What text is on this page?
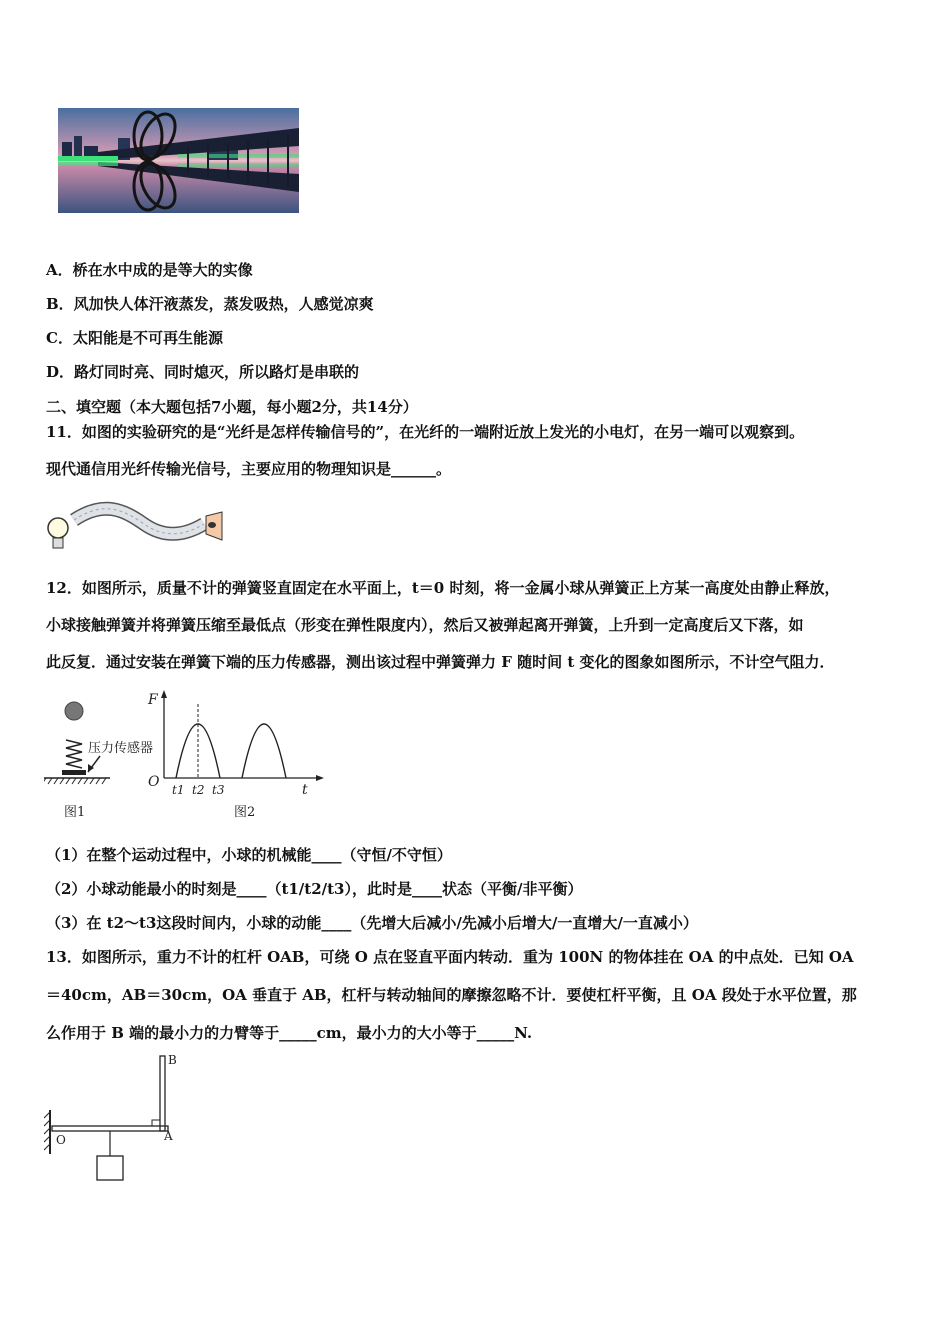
A．桥在水中成的是等大的实像
B．风加快人体汗液蒸发，蒸发吸热，人感觉凉爽
C．太阳能是不可再生能源
D．路灯同时亮、同时熄灭，所以路灯是串联的
二、填空题（本大题包括7小题，每小题2分，共14分）
11．如图的实验研究的是“光纤是怎样传输信号的”，在光纤的一端附近放上发光的小电灯，在另一端可以观察到。
现代通信用光纤传输光信号，主要应用的物理知识是______。
12．如图所示，质量不计的弹簧竖直固定在水平面上，t＝0 时刻，将一金属小球从弹簧正上方某一高度处由静止释放，
小球接触弹簧并将弹簧压缩至最低点（形变在弹性限度内），然后又被弹起离开弹簧，上升到一定高度后又下落，如
此反复．通过安装在弹簧下端的压力传感器，测出该过程中弹簧弹力 F 随时间 t 变化的图象如图所示，不计空气阻力．
压力传感器
图1
F
O	t
t1 t2 t3
图2
（1）在整个运动过程中，小球的机械能____（守恒/不守恒）
（2）小球动能最小的时刻是____（t1/t2/t3），此时是____状态（平衡/非平衡）
（3）在 t2～t3这段时间内，小球的动能____（先增大后减小/先减小后增大/一直增大/一直减小）
13．如图所示，重力不计的杠杆 OAB，可绕 O 点在竖直平面内转动．重为 100N 的物体挂在 OA 的中点处．已知 OA
＝40cm，AB＝30cm，OA 垂直于 AB，杠杆与转动轴间的摩擦忽略不计．要使杠杆平衡，且 OA 段处于水平位置，那
么作用于 B 端的最小力的力臂等于_____cm，最小力的大小等于_____N.
B
O	A
